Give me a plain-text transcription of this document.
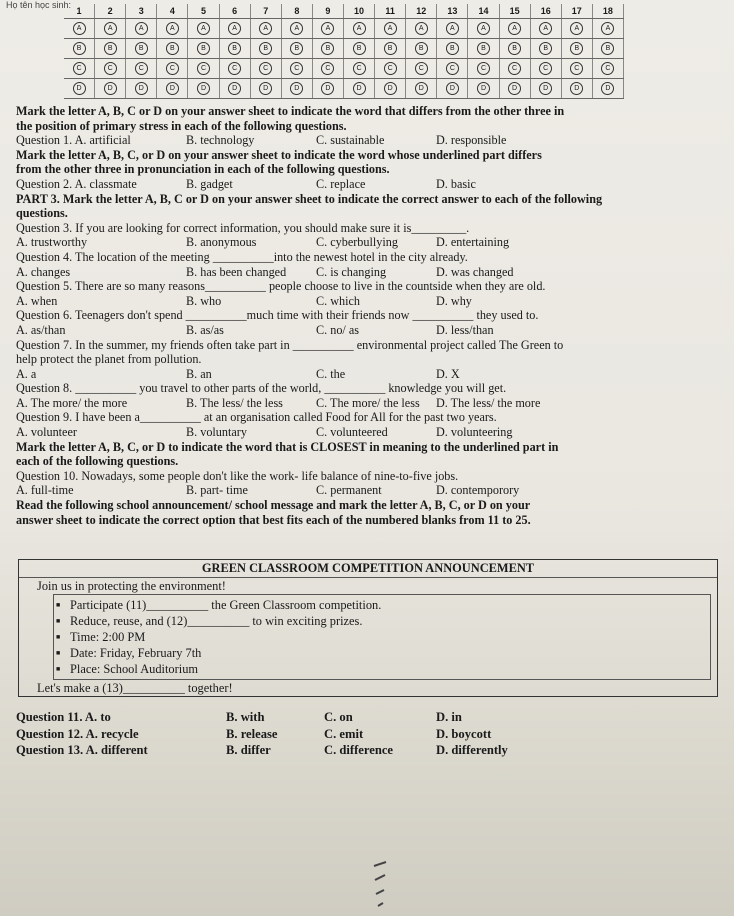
Họ tên học sinh:
1	2	3	4	5	6	7	8	9	10	11	12	13	14	15	16	17	18
A	A	A	A	A	A	A	A	A	A	A	A	A	A	A	A	A	A
B	B	B	B	B	B	B	B	B	B	B	B	B	B	B	B	B	B
C	C	C	C	C	C	C	C	C	C	C	C	C	C	C	C	C	C
D	D	D	D	D	D	D	D	D	D	D	D	D	D	D	D	D	D
Mark the letter A, B, C or D on your answer sheet to indicate the word that differs from the other three in
the position of primary stress in each of the following questions.
Question 1. A. artificial	B. technology	C. sustainable	D. responsible
Mark the letter A, B, C, or D on your answer sheet to indicate the word whose underlined part differs
from the other three in pronunciation in each of the following questions.
Question 2. A. classmate	B. gadget	C. replace	D. basic
PART 3. Mark the letter A, B, C or D on your answer sheet to indicate the correct answer to each of the following
questions.
Question 3. If you are looking for correct information, you should make sure it is_________.
A. trustworthy	B. anonymous	C. cyberbullying	D. entertaining
Question 4. The location of the meeting __________into the newest hotel in the city already.
A. changes	B. has been changed C. is changing	D. was changed
Question 5. There are so many reasons__________ people choose to live in the countside when they are old.
A. when	B. who	C. which	D. why
Question 6. Teenagers don't spend __________much time with their friends now __________ they used to.
A. as/than	B. as/as	C. no/ as	D. less/than
Question 7. In the summer, my friends often take part in __________ environmental project called The Green to
help protect the planet from pollution.
A. a	B. an	C. the	D. X
Question 8. __________ you travel to other parts of the world, __________ knowledge you will get.
A. The more/ the more	B. The less/ the less	C. The more/ the less D. The less/ the more
Question 9. I have been a__________ at an organisation called Food for All for the past two years.
A. volunteer	B. voluntary	C. volunteered	D. volunteering
Mark the letter A, B, C, or D to indicate the word that is CLOSEST in meaning to the underlined part in
each of the following questions.
Question 10. Nowadays, some people don't like the work- life balance of nine-to-five jobs.
A. full-time	B. part- time	C. permanent	D. contemporory
Read the following school announcement/ school message and mark the letter A, B, C, or D on your
answer sheet to indicate the correct option that best fits each of the numbered blanks from 11 to 25.
GREEN CLASSROOM COMPETITION ANNOUNCEMENT
Join us in protecting the environment!
■ Participate (11)__________ the Green Classroom competition.
■ Reduce, reuse, and (12)__________ to win exciting prizes.
■ Time: 2:00 PM
■ Date: Friday, February 7th
■ Place: School Auditorium
Let's make a (13)__________ together!
Question 11. A. to	B. with	C. on	D. in
Question 12. A. recycle	B. release	C. emit	D. boycott
Question 13. A. different	B. differ	C. difference	D. differently
